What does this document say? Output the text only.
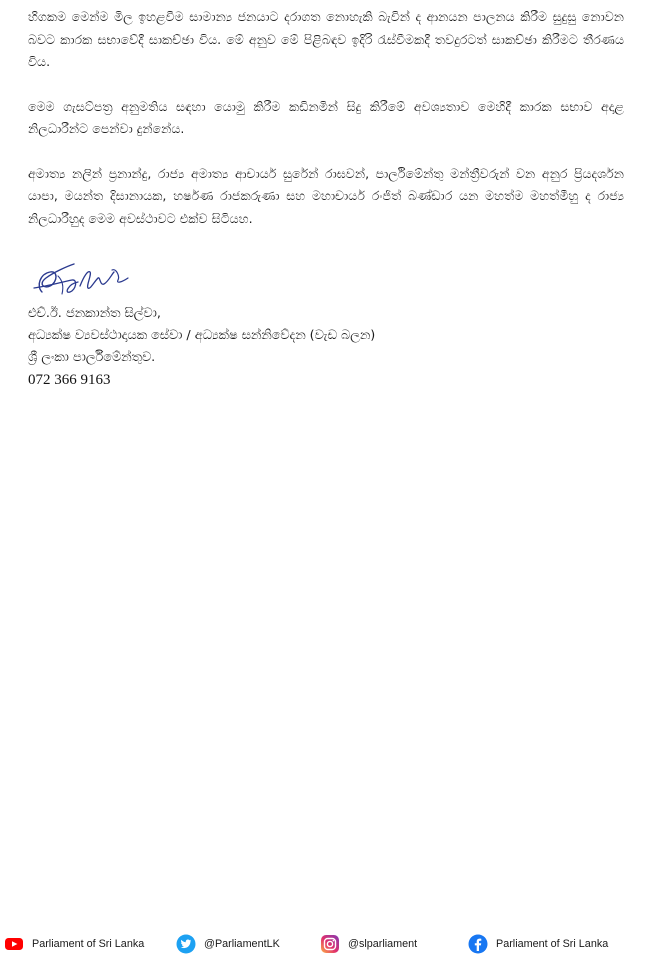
හිගකම මෙන්ම මිල ඉහළවීම සාමාන්‍ය ජනයාට දරාගත නොහැකි බැවින් ද ආනයන පාලනය කිරීම සුදුසු නොවන බවට කාරක සභාවේදී සාකච්ඡා විය. මේ අනුව මේ පිළිබඳව ඉදිරි රැස්වීමකදී තවදුරටත් සාකච්ඡා කිරීමට තීරණය විය.

මෙම ගැසට්පත්‍ර අනුමතිය සඳහා යොමු කිරීම කඩිනමින් සිදු කිරීමේ අවශ්‍යතාව මෙහිදී කාරක සභාව අදාළ නිලධාරීන්ට පෙන්වා දුන්නේය.

අමාත්‍ය නලින් ප්‍රනාන්දු, රාජ්‍ය අමාත්‍ය ආචාර්ය සුරේන් රාඝවන්, පාර්ලිමේන්තු මන්ත්‍රීවරුන් වන අනුර ප්‍රියදර්ශන යාපා, මයන්ත දිසානායක, හර්ෂණ රාජකරුණා සහ මහාචාර්ය රංජිත් බණ්ඩාර යන මහත්ම මහත්මීහු ද රාජ්‍ය නිලධාරීහුද මෙම අවස්ථාවට එක්ව සිටියහ.

එච්.ඊ. ජනකාන්ත සිල්වා,

අධ්‍යක්ෂ ව්‍යවස්ථාදායක සේවා / අධ්‍යක්ෂ සන්නිවේදන (වැඩ බලන)

ශ්‍රී ලංකා පාර්ලිමේන්තුව.

072 366 9163

Parliament of Sri Lanka	@ParliamentLK	@slparliament	Parliament of Sri Lanka
